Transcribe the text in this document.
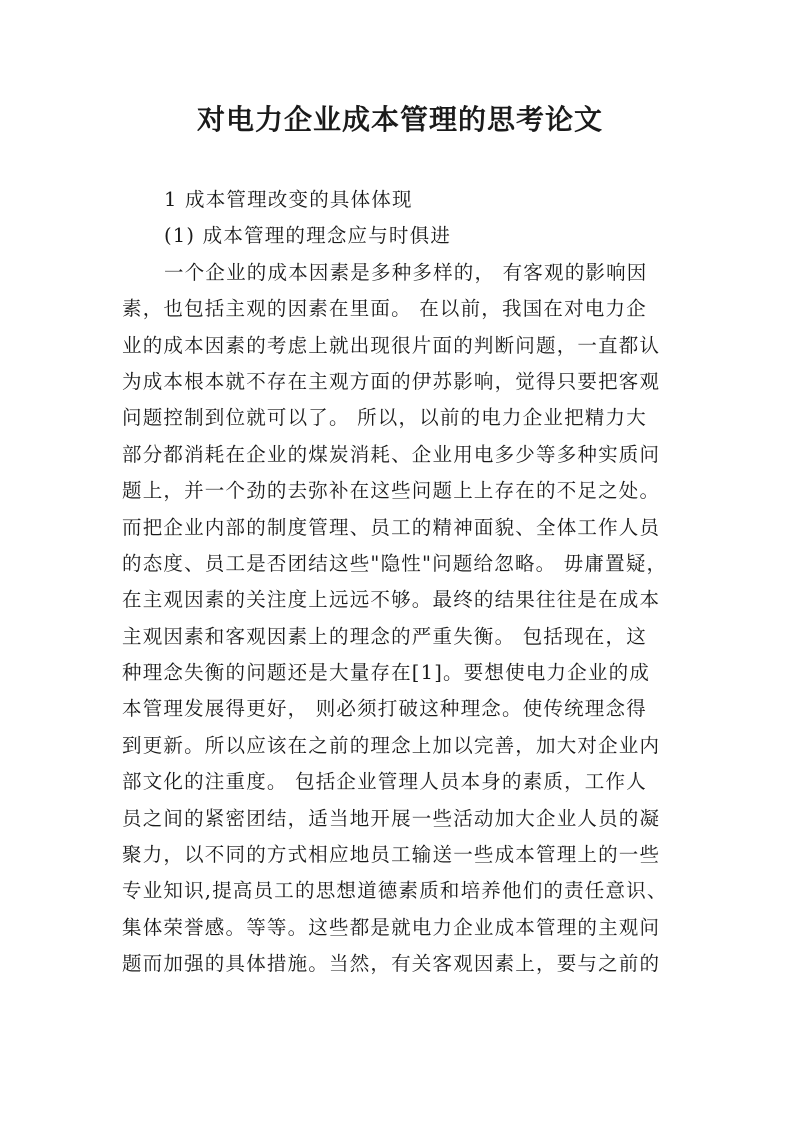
对电力企业成本管理的思考论文
1 成本管理改变的具体体现
(1) 成本管理的理念应与时俱进
一个企业的成本因素是多种多样的， 有客观的影响因
素，也包括主观的因素在里面。 在以前，我国在对电力企
业的成本因素的考虑上就出现很片面的判断问题，一直都认
为成本根本就不存在主观方面的伊苏影响，觉得只要把客观
问题控制到位就可以了。 所以，以前的电力企业把精力大
部分都消耗在企业的煤炭消耗、企业用电多少等多种实质问
题上，并一个劲的去弥补在这些问题上上存在的不足之处。
而把企业内部的制度管理、员工的精神面貌、全体工作人员
的态度、员工是否团结这些"隐性"问题给忽略。 毋庸置疑，
在主观因素的关注度上远远不够。最终的结果往往是在成本
主观因素和客观因素上的理念的严重失衡。 包括现在，这
种理念失衡的问题还是大量存在[1]。要想使电力企业的成
本管理发展得更好， 则必须打破这种理念。使传统理念得
到更新。所以应该在之前的理念上加以完善，加大对企业内
部文化的注重度。 包括企业管理人员本身的素质，工作人
员之间的紧密团结，适当地开展一些活动加大企业人员的凝
聚力，以不同的方式相应地员工输送一些成本管理上的一些
专业知识,提高员工的思想道德素质和培养他们的责任意识、
集体荣誉感。等等。这些都是就电力企业成本管理的主观问
题而加强的具体措施。当然，有关客观因素上，要与之前的
